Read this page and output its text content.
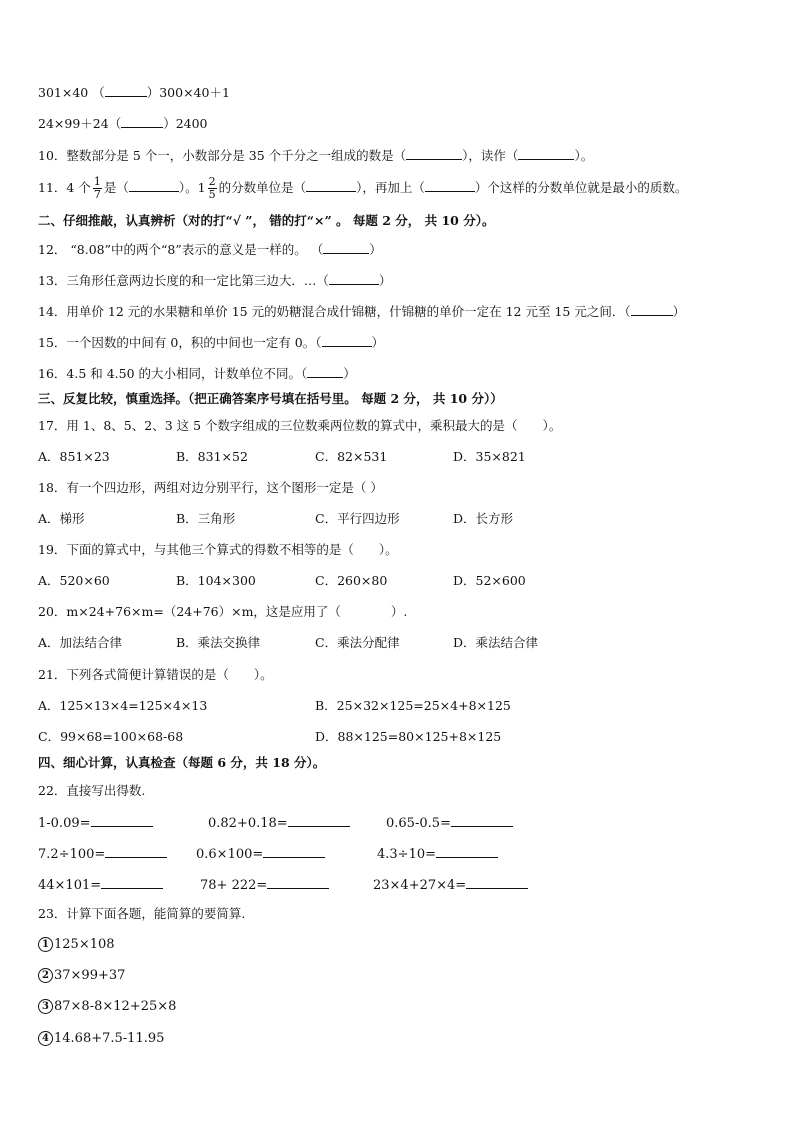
301×40 （	）300×40＋1
24×99＋24（	）2400
10．整数部分是 5 个一，小数部分是 35 个千分之一组成的数是（	），读作（	）。
11．4 个 $\frac{1}{7}$ 是（	）。$1 \frac{2}{5}$ 的分数单位是（	），再加上（	）个这样的分数单位就是最小的质数。
二、仔细推敲，认真辨析（对的打“√ ”， 错的打“×” 。 每题 2 分， 共 10 分）。
12． “8.08”中的两个“8”表示的意义是一样的。 （	）
13．三角形任意两边长度的和一定比第三边大．…（	）
14．用单价 12 元的水果糖和单价 15 元的奶糖混合成什锦糖，什锦糖的单价一定在 12 元至 15 元之间．（	）
15．一个因数的中间有 0，积的中间也一定有 0。（	）
16．4.5 和 4.50 的大小相同，计数单位不同。（	）
三、反复比较，慎重选择。（把正确答案序号填在括号里。 每题 2 分， 共 10 分））
17．用 1、8、5、2、3 这 5 个数字组成的三位数乘两位数的算式中，乘积最大的是（　　）。
A．851×23	B．831×52	C．82×531	D．35×821
18．有一个四边形，两组对边分别平行，这个图形一定是（ ）
A．梯形	B．三角形	C．平行四边形	D．长方形
19．下面的算式中，与其他三个算式的得数不相等的是（　　）。
A．520×60	B．104×300	C．260×80	D．52×600
20．m×24+76×m=（24+76）×m，这是应用了（　　　　）.
A．加法结合律	B．乘法交换律	C．乘法分配律	D．乘法结合律
21．下列各式简便计算错误的是（　　）。
A．125×13×4=125×4×13	B．25×32×125=25×4+8×125
C．99×68=100×68-68	D．88×125=80×125+8×125
四、细心计算，认真检查（每题 6 分，共 18 分）。
22．直接写出得数.
1-0.09=	0.82+0.18=	0.65-0.5=
7.2÷100=	0.6×100=	4.3÷10=
44×101=	78+ 222=	23×4+27×4=
23．计算下面各题，能简算的要简算.
1 125×108
2 37×99+37
3 87×8-8×12+25×8
4 14.68+7.5-11.95
